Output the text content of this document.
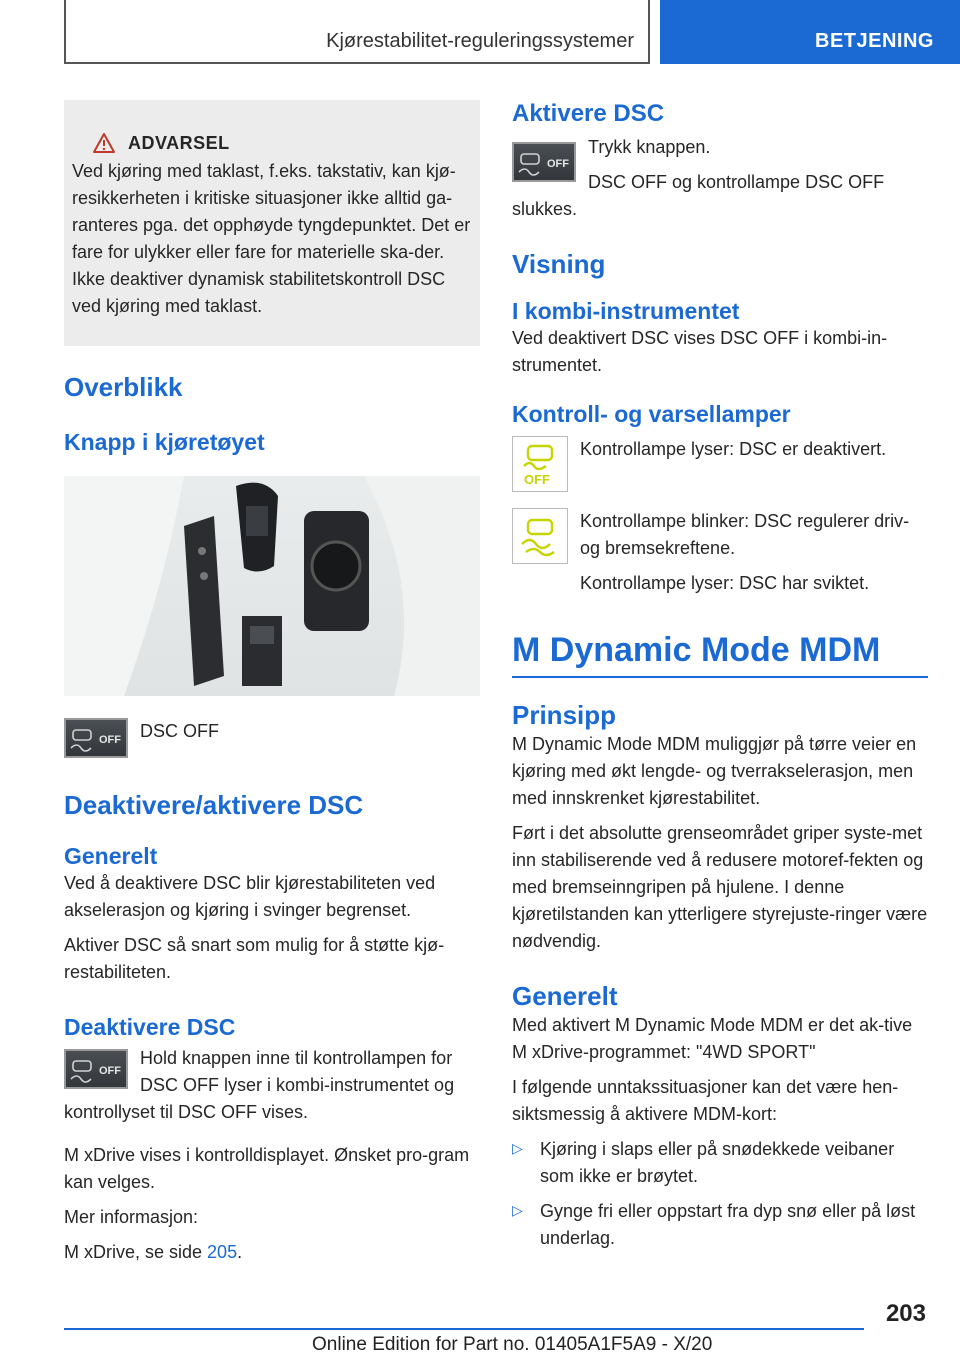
Kjørestabilitet-reguleringssystemer	BETJENING
ADVARSEL

Ved kjøring med taklast, f.eks. takstativ, kan kjø-resikkerheten i kritiske situasjoner ikke alltid ga-ranteres pga. det opphøyde tyngdepunktet. Det er fare for ulykker eller fare for materielle ska-der. Ikke deaktiver dynamisk stabilitetskontroll DSC ved kjøring med taklast.

Overblikk
Knapp i kjøretøyet
OFF DSC OFF

Deaktivere/aktivere DSC
Generelt

Ved å deaktivere DSC blir kjørestabiliteten ved akselerasjon og kjøring i svinger begrenset.

Aktiver DSC så snart som mulig for å støtte kjø-restabiliteten.

Deaktivere DSC
OFF

Hold knappen inne til kontrollampen for DSC OFF lyser i kombi-instrumentet og kontrollyset til DSC OFF vises.

M xDrive vises i kontrolldisplayet. Ønsket pro-gram kan velges.

Mer informasjon:

M xDrive, se side 205.

Aktivere DSC
OFF

Trykk knappen.

DSC OFF og kontrollampe DSC OFF slukkes.

Visning
I kombi-instrumentet

Ved deaktivert DSC vises DSC OFF i kombi-in-strumentet.

Kontroll- og varsellamper
OFF

Kontrollampe lyser: DSC er deaktivert.

Kontrollampe blinker: DSC regulerer driv- og bremsekreftene.

Kontrollampe lyser: DSC har sviktet.

M Dynamic Mode MDM
Prinsipp

M Dynamic Mode MDM muliggjør på tørre veier en kjøring med økt lengde- og tverrakselerasjon, men med innskrenket kjørestabilitet.

Ført i det absolutte grenseområdet griper syste-met inn stabiliserende ved å redusere motoref-fekten og med bremseinngripen på hjulene. I denne kjøretilstanden kan ytterligere styrejuste-ringer være nødvendig.

Generelt

Med aktivert M Dynamic Mode MDM er det ak-tive M xDrive-programmet: "4WD SPORT"

I følgende unntakssituasjoner kan det være hen-siktsmessig å aktivere MDM-kort:

▷ Kjøring i slaps eller på snødekkede veibaner som ikke er brøytet.

▷ Gynge fri eller oppstart fra dyp snø eller på løst underlag.

203
Online Edition for Part no. 01405A1F5A9 - X/20
